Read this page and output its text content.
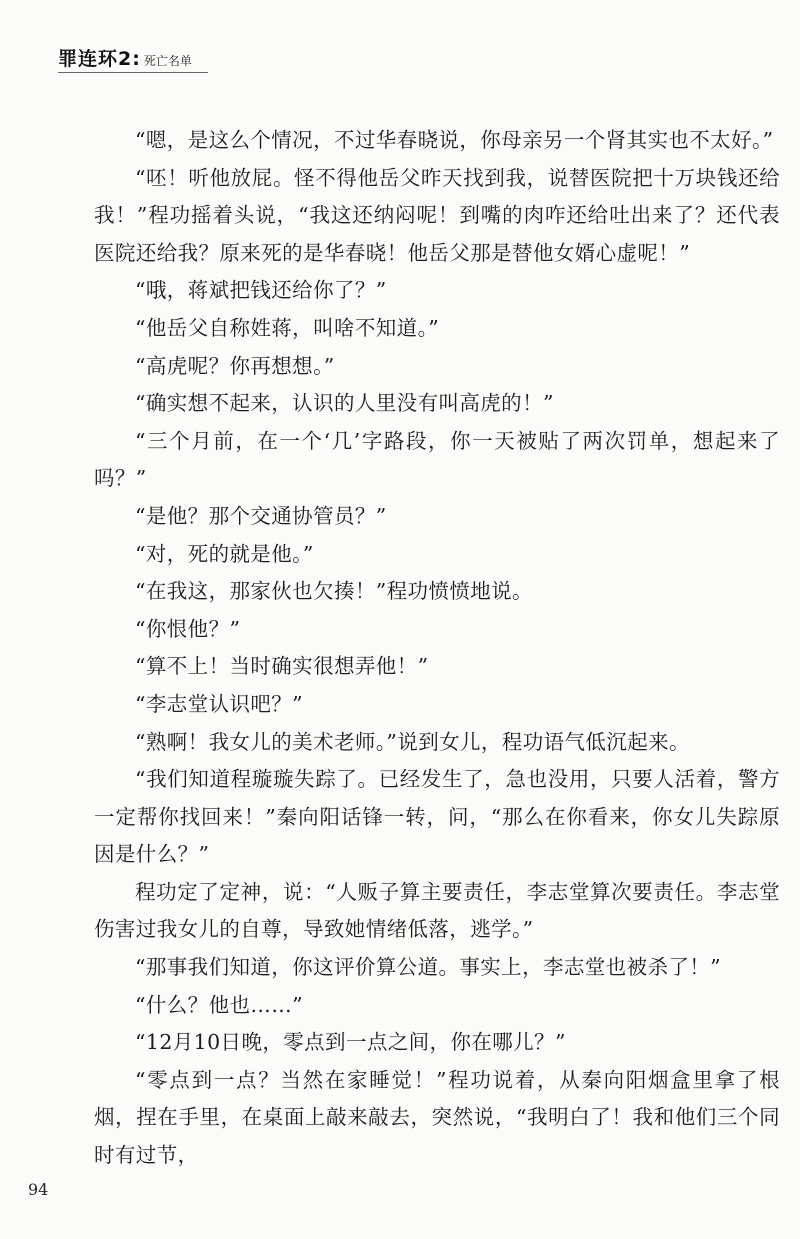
罪连环2: 死亡名单

“嗯，是这么个情况，不过华春晓说，你母亲另一个肾其实也不太好。”

“呸！听他放屁。怪不得他岳父昨天找到我，说替医院把十万块钱还给我！”程功摇着头说，“我这还纳闷呢！到嘴的肉咋还给吐出来了？还代表医院还给我？原来死的是华春晓！他岳父那是替他女婿心虚呢！”

“哦，蒋斌把钱还给你了？”

“他岳父自称姓蒋，叫啥不知道。”

“高虎呢？你再想想。”

“确实想不起来，认识的人里没有叫高虎的！”

“三个月前，在一个‘几’字路段，你一天被贴了两次罚单，想起来了吗？”

“是他？那个交通协管员？”

“对，死的就是他。”

“在我这，那家伙也欠揍！”程功愤愤地说。

“你恨他？”

“算不上！当时确实很想弄他！”

“李志堂认识吧？”

“熟啊！我女儿的美术老师。”说到女儿，程功语气低沉起来。

“我们知道程璇璇失踪了。已经发生了，急也没用，只要人活着，警方一定帮你找回来！”秦向阳话锋一转，问，“那么在你看来，你女儿失踪原因是什么？”

程功定了定神，说：“人贩子算主要责任，李志堂算次要责任。李志堂伤害过我女儿的自尊，导致她情绪低落，逃学。”

“那事我们知道，你这评价算公道。事实上，李志堂也被杀了！”

“什么？他也……”

“12月10日晚，零点到一点之间，你在哪儿？”

“零点到一点？当然在家睡觉！”程功说着，从秦向阳烟盒里拿了根烟，捏在手里，在桌面上敲来敲去，突然说，“我明白了！我和他们三个同时有过节，

94
